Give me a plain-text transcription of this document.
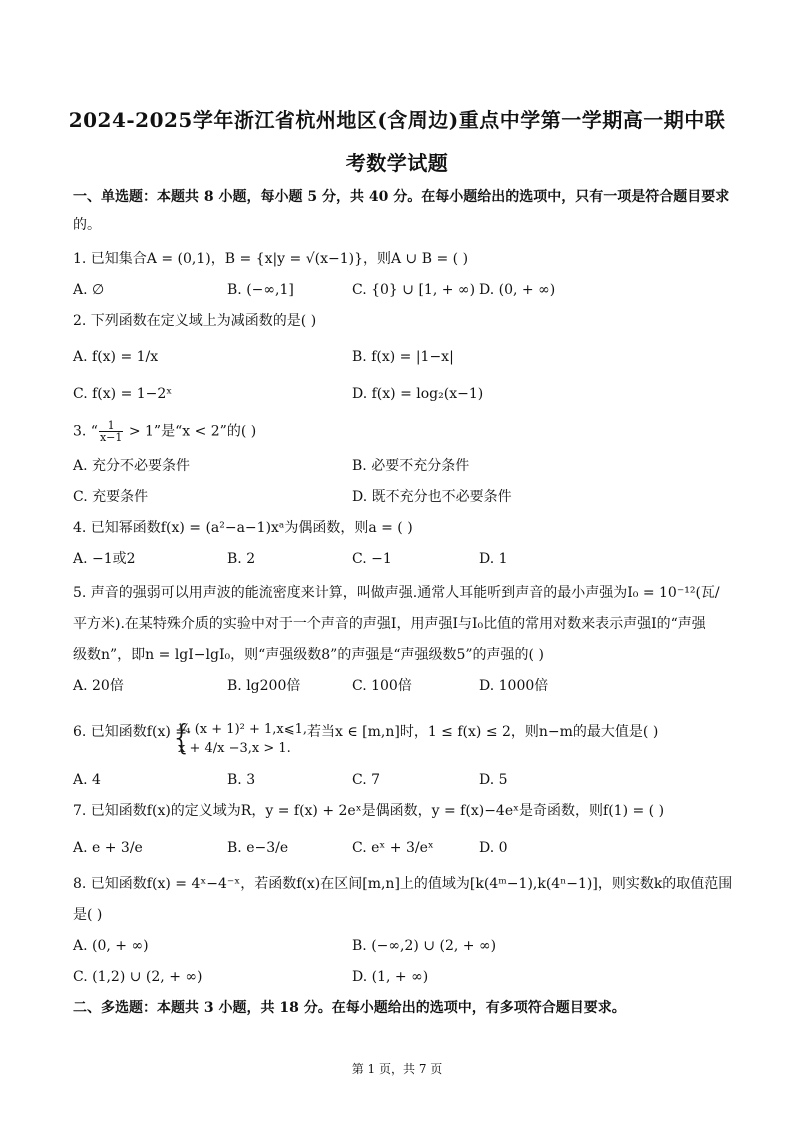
2024-2025学年浙江省杭州地区(含周边)重点中学第一学期高一期中联
考数学试题
一、单选题：本题共 8 小题，每小题 5 分，共 40 分。在每小题给出的选项中，只有一项是符合题目要求
的。
1. 已知集合A = (0,1)，B = {x|y = √(x−1)}，则A ∪ B = ( )
A. ∅	B. (−∞,1]	C. {0} ∪ [1, + ∞) D. (0, + ∞)
2. 下列函数在定义域上为减函数的是( )
A. f(x) = 1/x	B. f(x) = |1−x|
C. f(x) = 1−2ˣ	D. f(x) = log₂(x−1)
3. “ $\frac{1}{x-1} > 1$”是“x < 2”的( )
A. 充分不必要条件	B. 必要不充分条件
C. 充要条件	D. 既不充分也不必要条件
4. 已知幂函数f(x) = (a²−a−1)xᵃ为偶函数，则a = ( )
A. −1或2	B. 2	C. −1	D. 1
5. 声音的强弱可以用声波的能流密度来计算，叫做声强.通常人耳能听到声音的最小声强为I₀ = 10⁻¹²(瓦/
平方米).在某特殊介质的实验中对于一个声音的声强I，用声强I与I₀比值的常用对数来表示声强I的“声强
级数n”，即n = lgI−lgI₀，则“声强级数8”的声强是“声强级数5”的声强的( )
A. 20倍	B. lg200倍	C. 100倍	D. 1000倍
6. 已知函数f(x) =
{
¼ (x + 1)² + 1,x⩽1,
x + 4/x −3,x > 1.
若当x ∈ [m,n]时，1 ≤ f(x) ≤ 2，则n−m的最大值是( )
A. 4	B. 3	C. 7	D. 5
7. 已知函数f(x)的定义域为R，y = f(x) + 2eˣ是偶函数，y = f(x)−4eˣ是奇函数，则f(1) = ( )
A. e + 3/e	B. e−3/e	C. eˣ + 3/eˣ	D. 0
8. 已知函数f(x) = 4ˣ−4⁻ˣ，若函数f(x)在区间[m,n]上的值域为[k(4ᵐ−1),k(4ⁿ−1)]，则实数k的取值范围
是( )
A. (0, + ∞)	B. (−∞,2) ∪ (2, + ∞)
C. (1,2) ∪ (2, + ∞)	D. (1, + ∞)
二、多选题：本题共 3 小题，共 18 分。在每小题给出的选项中，有多项符合题目要求。
第 1 页，共 7 页
